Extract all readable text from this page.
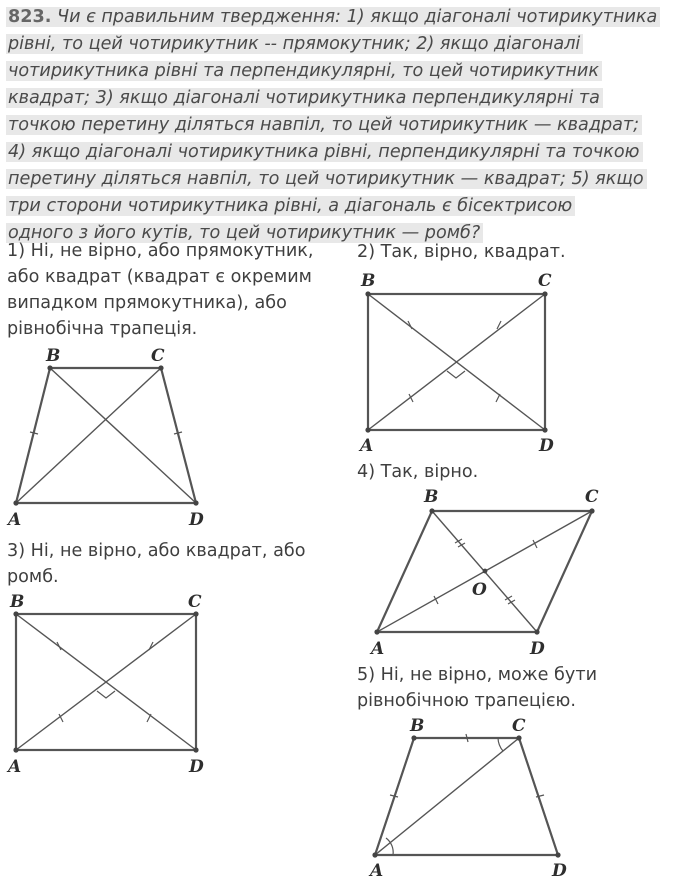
823. Чи є правильним твердження: 1) якщо діагоналі чотирикутника
рівні, то цей чотирикутник -- прямокутник; 2) якщо діагоналі
чотирикутника рівні та перпендикулярні, то цей чотирикутник
квадрат; 3) якщо діагоналі чотирикутника перпендикулярні та
точкою перетину діляться навпіл, то цей чотирикутник — квадрат;
4) якщо діагоналі чотирикутника рівні, перпендикулярні та точкою
перетину діляться навпіл, то цей чотирикутник — квадрат; 5) якщо
три сторони чотирикутника рівні, а діагональ є бісектрисою
одного з його кутів, то цей чотирикутник — ромб?
1) Ні, не вірно, або прямокутник,
або квадрат (квадрат є окремим
випадком прямокутника), або
рівнобічна трапеція.
2) Так, вірно, квадрат.
4) Так, вірно.
3) Ні, не вірно, або квадрат, або
ромб.
5) Ні, не вірно, може бути
рівнобічною трапецією.
B	C
A	D
B	C
A	D
B	C
A	D
B	C
A	D
O
B	C
A	D
